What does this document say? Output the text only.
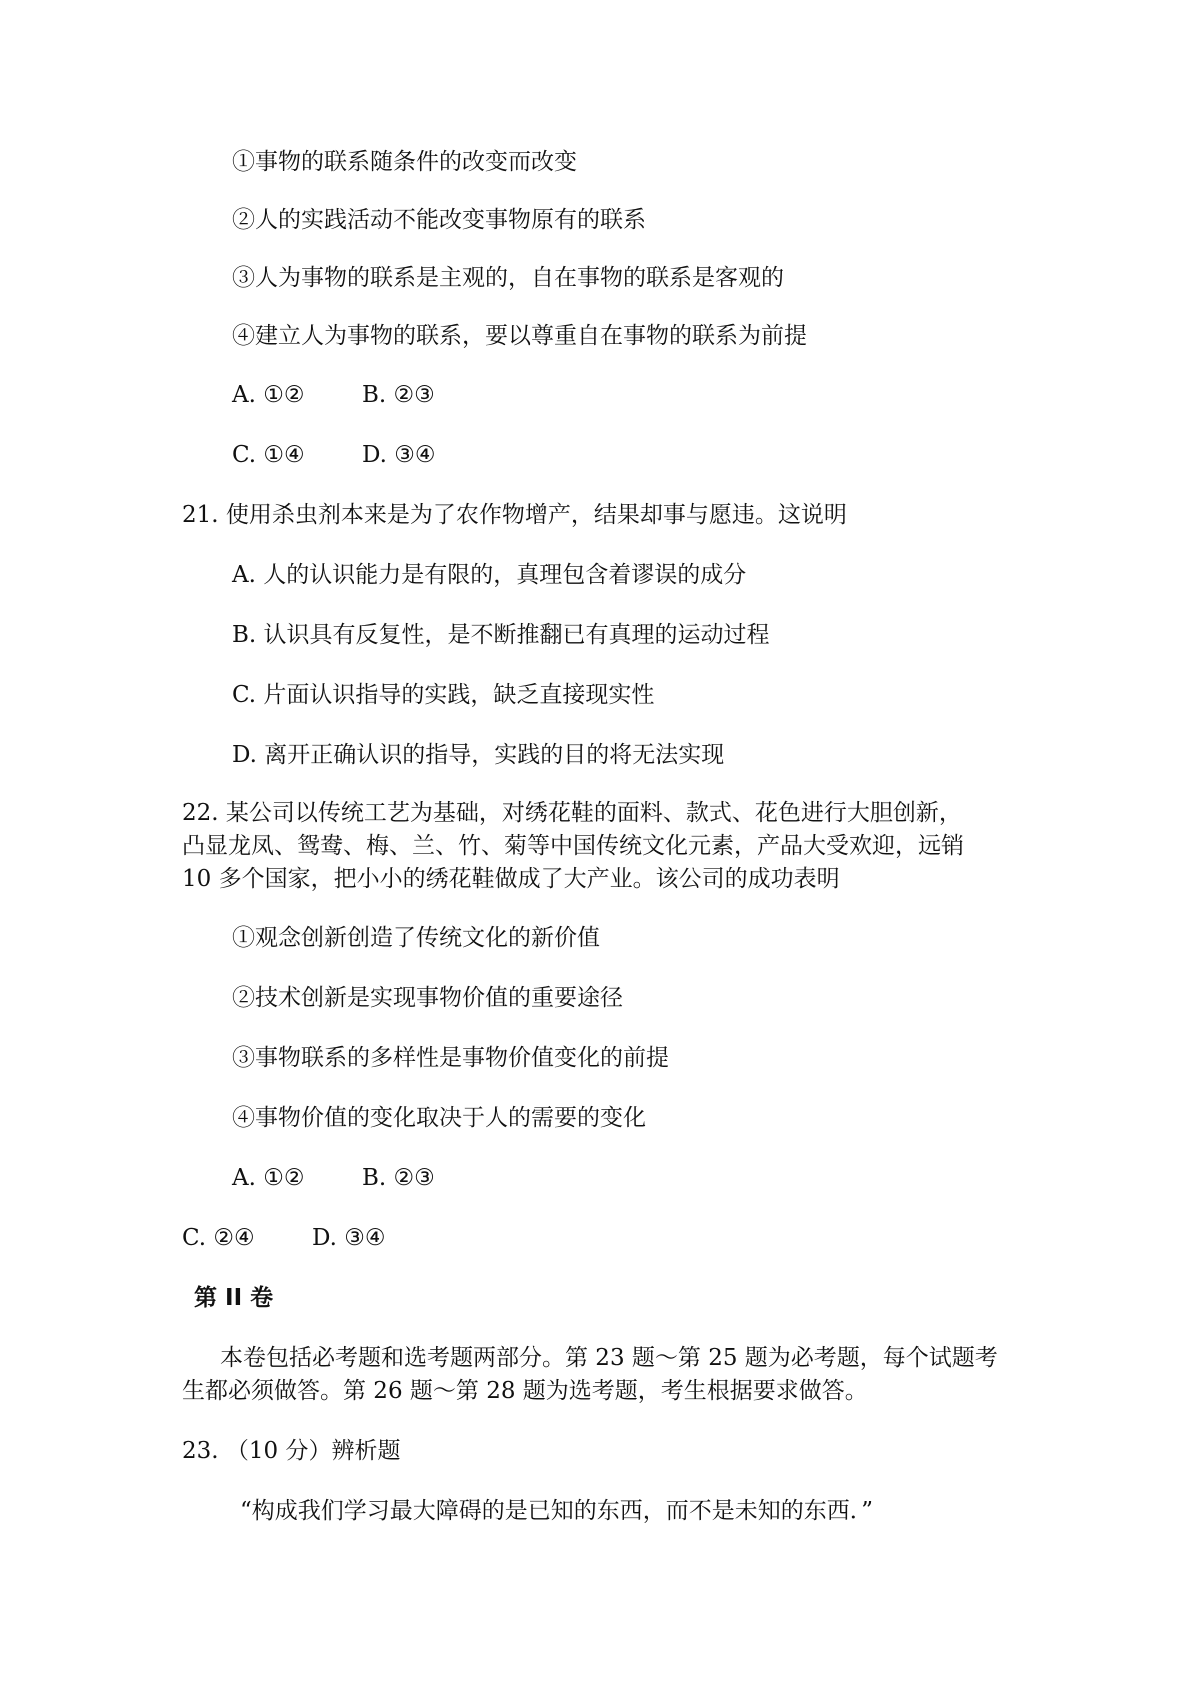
①事物的联系随条件的改变而改变
②人的实践活动不能改变事物原有的联系
③人为事物的联系是主观的，自在事物的联系是客观的
④建立人为事物的联系，要以尊重自在事物的联系为前提
A. ①②	B. ②③
C. ①④ D. ③④
21. 使用杀虫剂本来是为了农作物增产，结果却事与愿违。这说明
A. 人的认识能力是有限的，真理包含着谬误的成分
B. 认识具有反复性，是不断推翻已有真理的运动过程
C. 片面认识指导的实践，缺乏直接现实性
D. 离开正确认识的指导，实践的目的将无法实现
22. 某公司以传统工艺为基础，对绣花鞋的面料、款式、花色进行大胆创新，
凸显龙凤、鸳鸯、梅、兰、竹、菊等中国传统文化元素，产品大受欢迎，远销
10 多个国家，把小小的绣花鞋做成了大产业。该公司的成功表明
①观念创新创造了传统文化的新价值
②技术创新是实现事物价值的重要途径
③事物联系的多样性是事物价值变化的前提
④事物价值的变化取决于人的需要的变化
A. ①②	B. ②③
C. ②④ D. ③④
第 II 卷
本卷包括必考题和选考题两部分。第 23 题～第 25 题为必考题，每个试题考
生都必须做答。第 26 题～第 28 题为选考题，考生根据要求做答。
23. （10 分）辨析题
“构成我们学习最大障碍的是已知的东西，而不是未知的东西．”
